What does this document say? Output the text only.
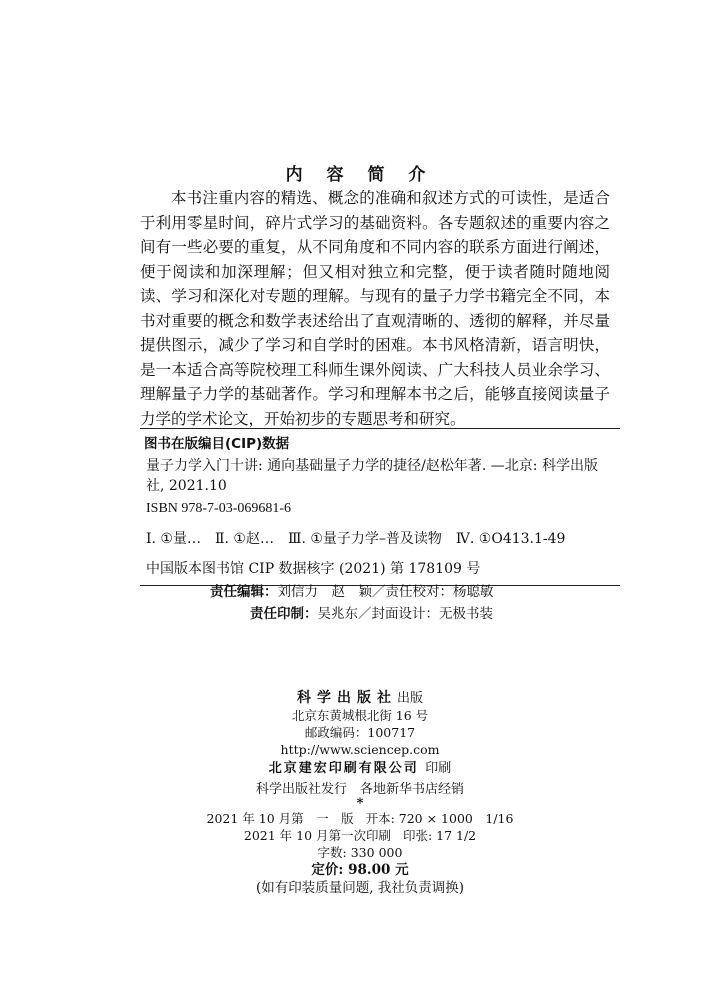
内 容 简 介

本书注重内容的精选、概念的准确和叙述方式的可读性，是适合于利用零星时间，碎片式学习的基础资料。各专题叙述的重要内容之间有一些必要的重复，从不同角度和不同内容的联系方面进行阐述，便于阅读和加深理解；但又相对独立和完整，便于读者随时随地阅读、学习和深化对专题的理解。与现有的量子力学书籍完全不同，本书对重要的概念和数学表述给出了直观清晰的、透彻的解释，并尽量提供图示，减少了学习和自学时的困难。本书风格清新，语言明快，是一本适合高等院校理工科师生课外阅读、广大科技人员业余学习、理解量子力学的基础著作。学习和理解本书之后，能够直接阅读量子力学的学术论文，开始初步的专题思考和研究。

图书在版编目(CIP)数据
量子力学入门十讲: 通向基础量子力学的捷径/赵松年著. —北京: 科学出版社, 2021.10
ISBN 978-7-03-069681-6
Ⅰ. ①量… Ⅱ. ①赵… Ⅲ. ①量子力学–普及读物 Ⅳ. ①O413.1-49
中国版本图书馆 CIP 数据核字 (2021) 第 178109 号
责任编辑：刘信力　赵　颖／责任校对：杨聪敏
责任印制：吴兆东／封面设计：无极书装
科学出版社出版
北京东黄城根北街 16 号
邮政编码：100717
http://www.sciencep.com
北京建宏印刷有限公司 印刷
科学出版社发行　各地新华书店经销
*
2021 年 10 月第　一　版 开本: 720 × 1000　1/16
2021 年 10 月第一次印刷 印张: 17 1/2
字数: 330 000
定价: 98.00 元
(如有印装质量问题, 我社负责调换)
